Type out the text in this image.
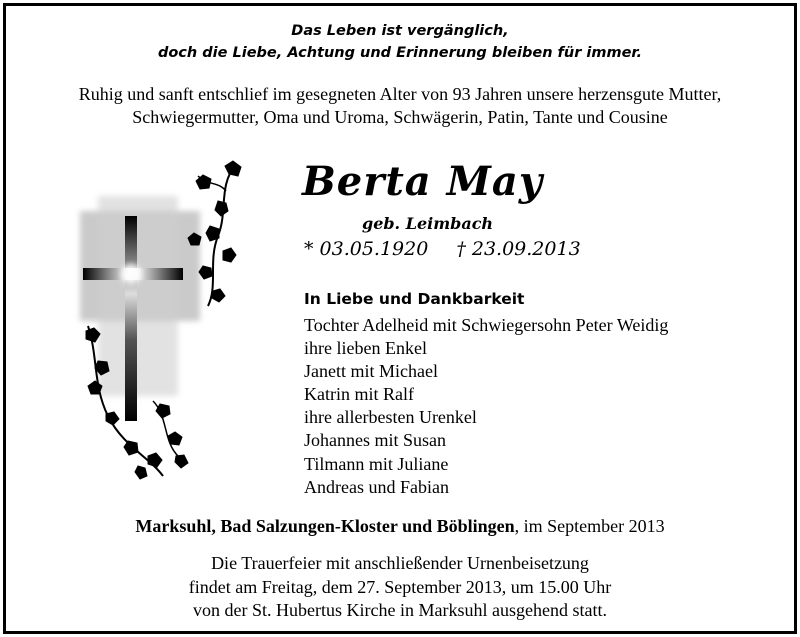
Das Leben ist vergänglich,
doch die Liebe, Achtung und Erinnerung bleiben für immer.
Ruhig und sanft entschlief im gesegneten Alter von 93 Jahren unsere herzensgute Mutter,
Schwiegermutter, Oma und Uroma, Schwägerin, Patin, Tante und Cousine
Berta May
geb. Leimbach
* 03.05.1920 † 23.09.2013
In Liebe und Dankbarkeit
Tochter Adelheid mit Schwiegersohn Peter Weidig
ihre lieben Enkel
Janett mit Michael
Katrin mit Ralf
ihre allerbesten Urenkel
Johannes mit Susan
Tilmann mit Juliane
Andreas und Fabian
Marksuhl, Bad Salzungen-Kloster und Böblingen, im September 2013
Die Trauerfeier mit anschließender Urnenbeisetzung
findet am Freitag, dem 27. September 2013, um 15.00 Uhr
von der St. Hubertus Kirche in Marksuhl ausgehend statt.
